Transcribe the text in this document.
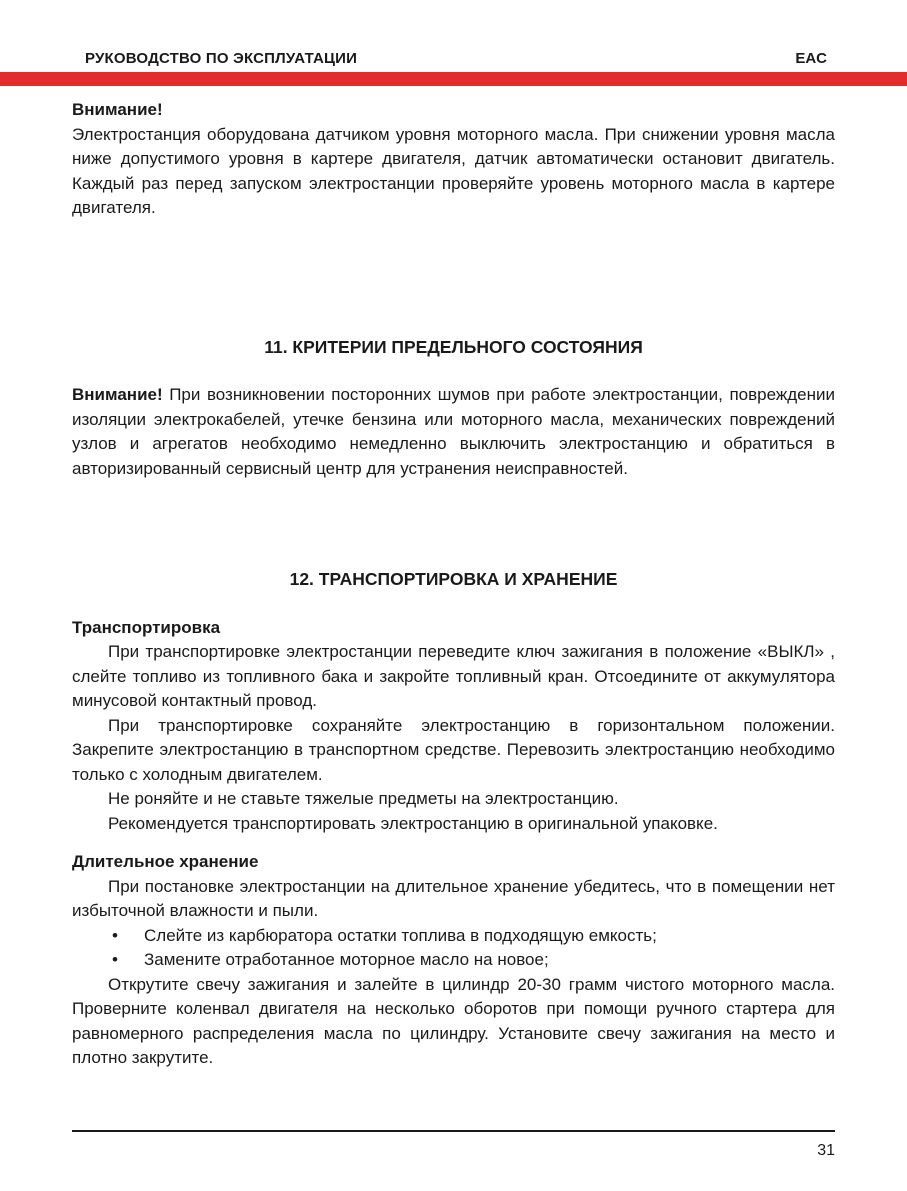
РУКОВОДСТВО ПО ЭКСПЛУАТАЦИИ	EAC

Внимание!

Электростанция оборудована датчиком уровня моторного масла. При снижении уровня масла ниже допустимого уровня в картере двигателя, датчик автоматически остановит двигатель. Каждый раз перед запуском электростанции проверяйте уровень моторного масла в картере двигателя.

11. КРИТЕРИИ ПРЕДЕЛЬНОГО СОСТОЯНИЯ

Внимание! При возникновении посторонних шумов при работе электростанции, повреждении изоляции электрокабелей, утечке бензина или моторного масла, механических повреждений узлов и агрегатов необходимо немедленно выключить электростанцию и обратиться в авторизированный сервисный центр для устранения неисправностей.

12. ТРАНСПОРТИРОВКА И ХРАНЕНИЕ

Транспортировка

При транспортировке электростанции переведите ключ зажигания в положение «ВЫКЛ» , слейте топливо из топливного бака и закройте топливный кран. Отсоедините от аккумулятора минусовой контактный провод.

При транспортировке сохраняйте электростанцию в горизонтальном положении. Закрепите электростанцию в транспортном средстве. Перевозить электростанцию необходимо только с холодным двигателем.

Не роняйте и не ставьте тяжелые предметы на электростанцию.

Рекомендуется транспортировать электростанцию в оригинальной упаковке.

Длительное хранение

При постановке электростанции на длительное хранение убедитесь, что в помещении нет избыточной влажности и пыли.

•	Слейте из карбюратора остатки топлива в подходящую емкость;
•	Замените отработанное моторное масло на новое;

Открутите свечу зажигания и залейте в цилиндр 20-30 грамм чистого моторного масла. Проверните коленвал двигателя на несколько оборотов при помощи ручного стартера для равномерного распределения масла по цилиндру. Установите свечу зажигания на место и плотно закрутите.

31
